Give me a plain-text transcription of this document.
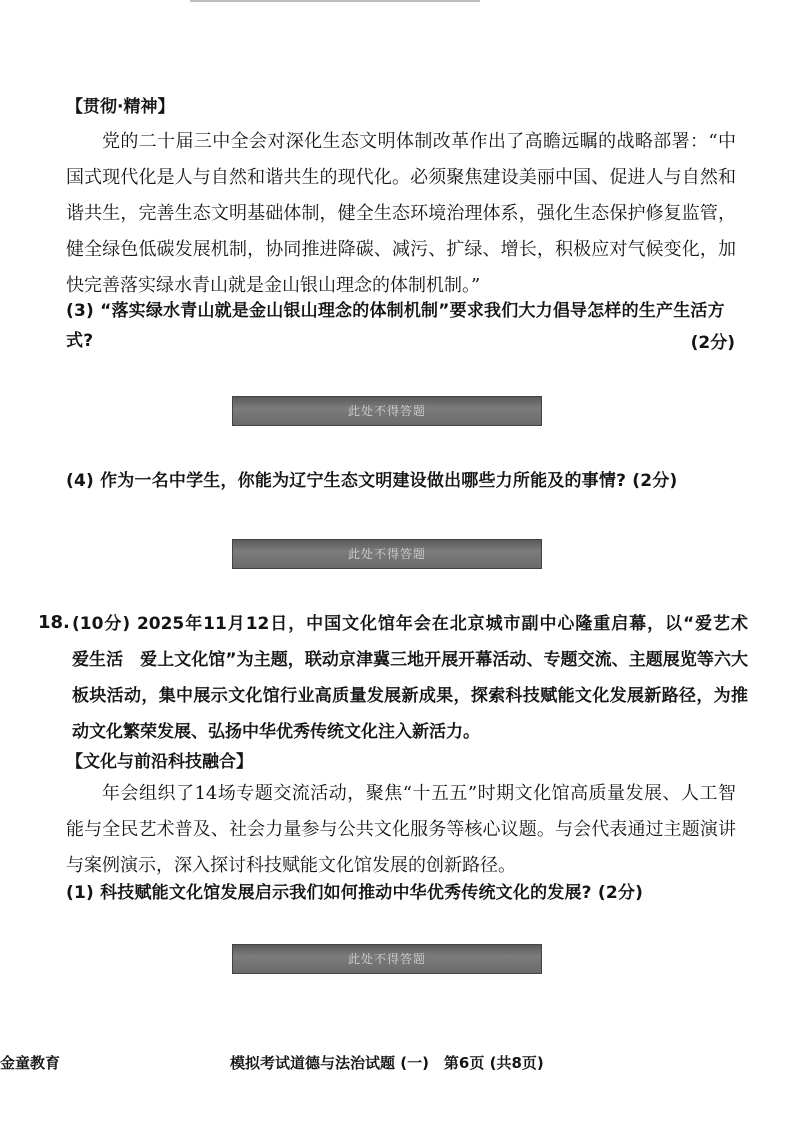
【贯彻·精神】

党的二十届三中全会对深化生态文明体制改革作出了高瞻远瞩的战略部署：“中国式现代化是人与自然和谐共生的现代化。必须聚焦建设美丽中国、促进人与自然和谐共生，完善生态文明基础体制，健全生态环境治理体系，强化生态保护修复监管，健全绿色低碳发展机制，协同推进降碳、减污、扩绿、增长，积极应对气候变化，加快完善落实绿水青山就是金山银山理念的体制机制。”

(3) “落实绿水青山就是金山银山理念的体制机制”要求我们大力倡导怎样的生产生活方式?	(2分)
此处不得答题
(4) 作为一名中学生，你能为辽宁生态文明建设做出哪些力所能及的事情? (2分)
此处不得答题
18. (10分) 2025年11月12日，中国文化馆年会在北京城市副中心隆重启幕，以“爱艺术　爱生活　爱上文化馆”为主题，联动京津冀三地开展开幕活动、专题交流、主题展览等六大板块活动，集中展示文化馆行业高质量发展新成果，探索科技赋能文化发展新路径，为推动文化繁荣发展、弘扬中华优秀传统文化注入新活力。
【文化与前沿科技融合】

年会组织了14场专题交流活动，聚焦“十五五”时期文化馆高质量发展、人工智能与全民艺术普及、社会力量参与公共文化服务等核心议题。与会代表通过主题演讲与案例演示，深入探讨科技赋能文化馆发展的创新路径。

(1) 科技赋能文化馆发展启示我们如何推动中华优秀传统文化的发展? (2分)
此处不得答题
金童教育	模拟考试道德与法治试题 (一)　第6页 (共8页)
